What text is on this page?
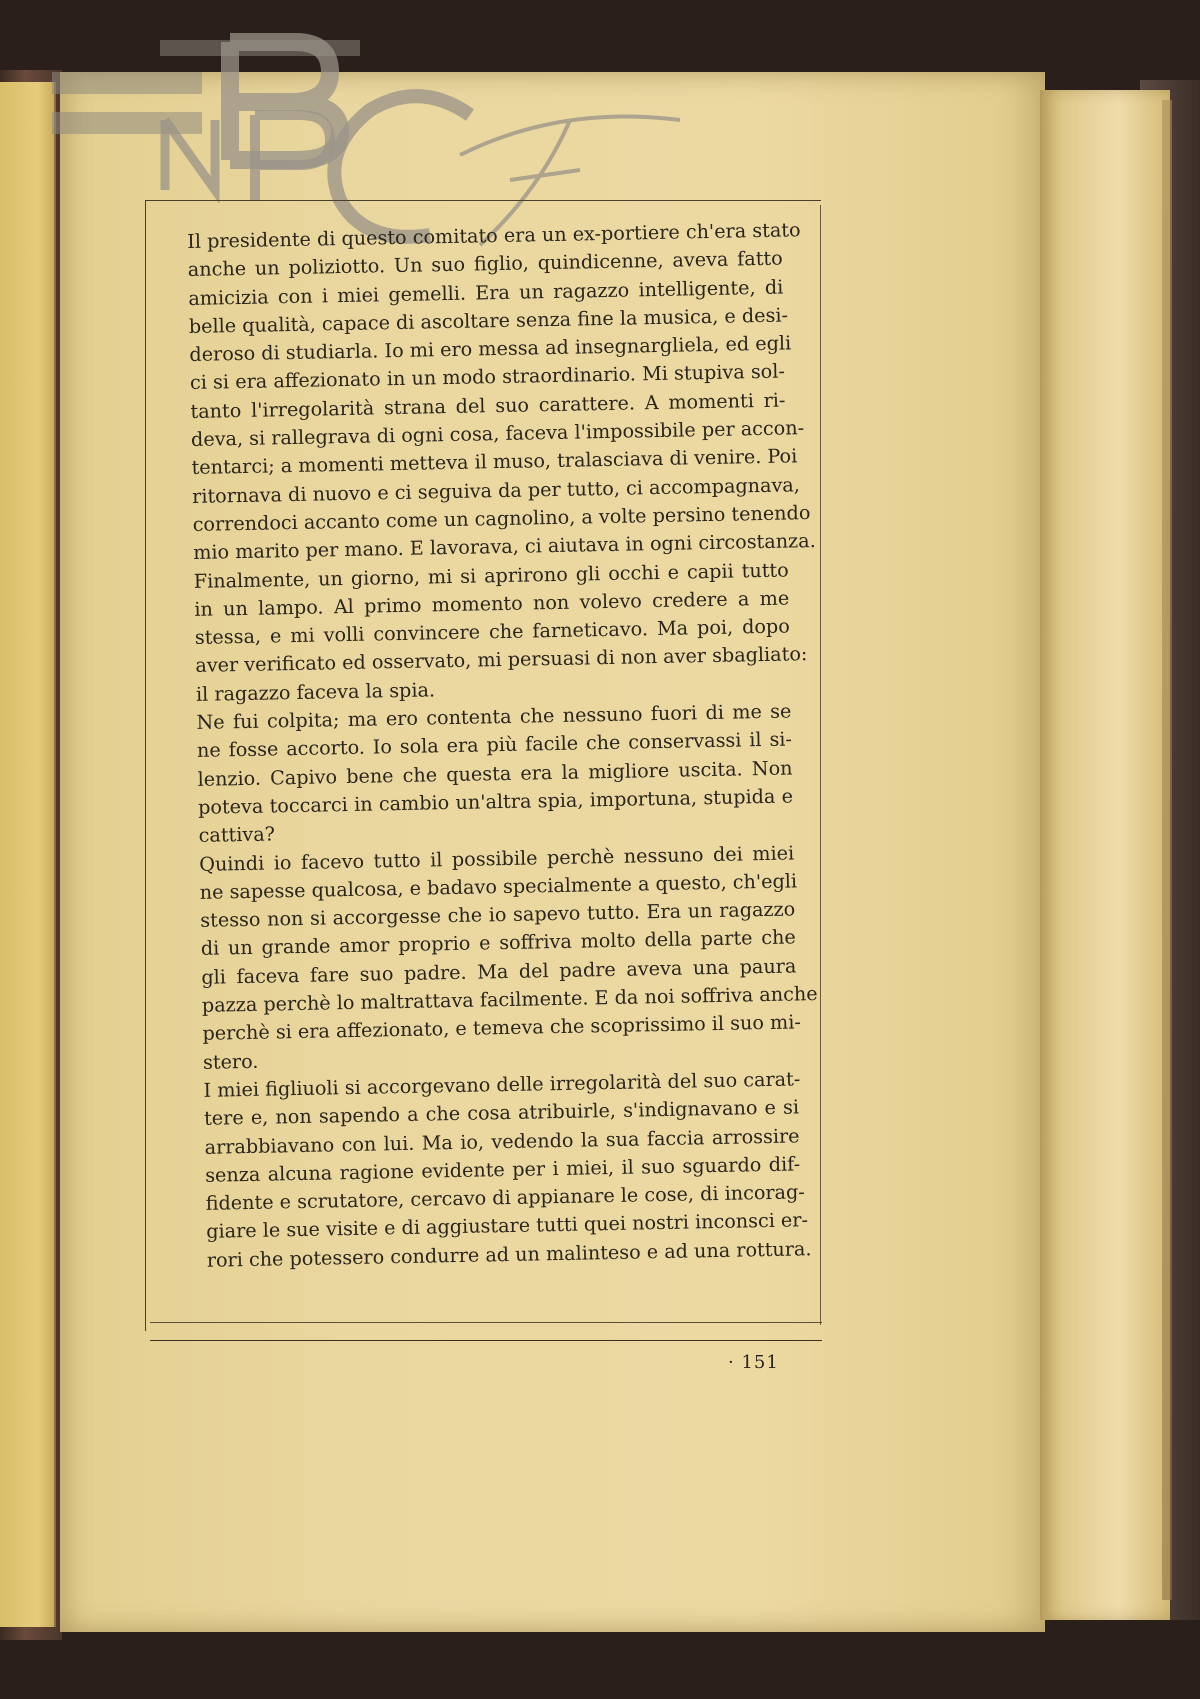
Il presidente di questo comitato era un ex-portiere ch'era stato
anche un poliziotto. Un suo figlio, quindicenne, aveva fatto
amicizia con i miei gemelli. Era un ragazzo intelligente, di
belle qualità, capace di ascoltare senza fine la musica, e desi-
deroso di studiarla. Io mi ero messa ad insegnargliela, ed egli
ci si era affezionato in un modo straordinario. Mi stupiva sol-
tanto l'irregolarità strana del suo carattere. A momenti ri-
deva, si rallegrava di ogni cosa, faceva l'impossibile per accon-
tentarci; a momenti metteva il muso, tralasciava di venire. Poi
ritornava di nuovo e ci seguiva da per tutto, ci accompagnava,
correndoci accanto come un cagnolino, a volte persino tenendo
mio marito per mano. E lavorava, ci aiutava in ogni circostanza.
Finalmente, un giorno, mi si aprirono gli occhi e capii tutto
in un lampo. Al primo momento non volevo credere a me
stessa, e mi volli convincere che farneticavo. Ma poi, dopo
aver verificato ed osservato, mi persuasi di non aver sbagliato:
il ragazzo faceva la spia.

Ne fui colpita; ma ero contenta che nessuno fuori di me se
ne fosse accorto. Io sola era più facile che conservassi il si-
lenzio. Capivo bene che questa era la migliore uscita. Non
poteva toccarci in cambio un'altra spia, importuna, stupida e
cattiva?

Quindi io facevo tutto il possibile perchè nessuno dei miei
ne sapesse qualcosa, e badavo specialmente a questo, ch'egli
stesso non si accorgesse che io sapevo tutto. Era un ragazzo
di un grande amor proprio e soffriva molto della parte che
gli faceva fare suo padre. Ma del padre aveva una paura
pazza perchè lo maltrattava facilmente. E da noi soffriva anche
perchè si era affezionato, e temeva che scoprissimo il suo mi-
stero.

I miei figliuoli si accorgevano delle irregolarità del suo carat-
tere e, non sapendo a che cosa atribuirle, s'indignavano e si
arrabbiavano con lui. Ma io, vedendo la sua faccia arrossire
senza alcuna ragione evidente per i miei, il suo sguardo dif-
fidente e scrutatore, cercavo di appianare le cose, di incorag-
giare le sue visite e di aggiustare tutti quei nostri inconsci er-
rori che potessero condurre ad un malinteso e ad una rottura.

· 151
